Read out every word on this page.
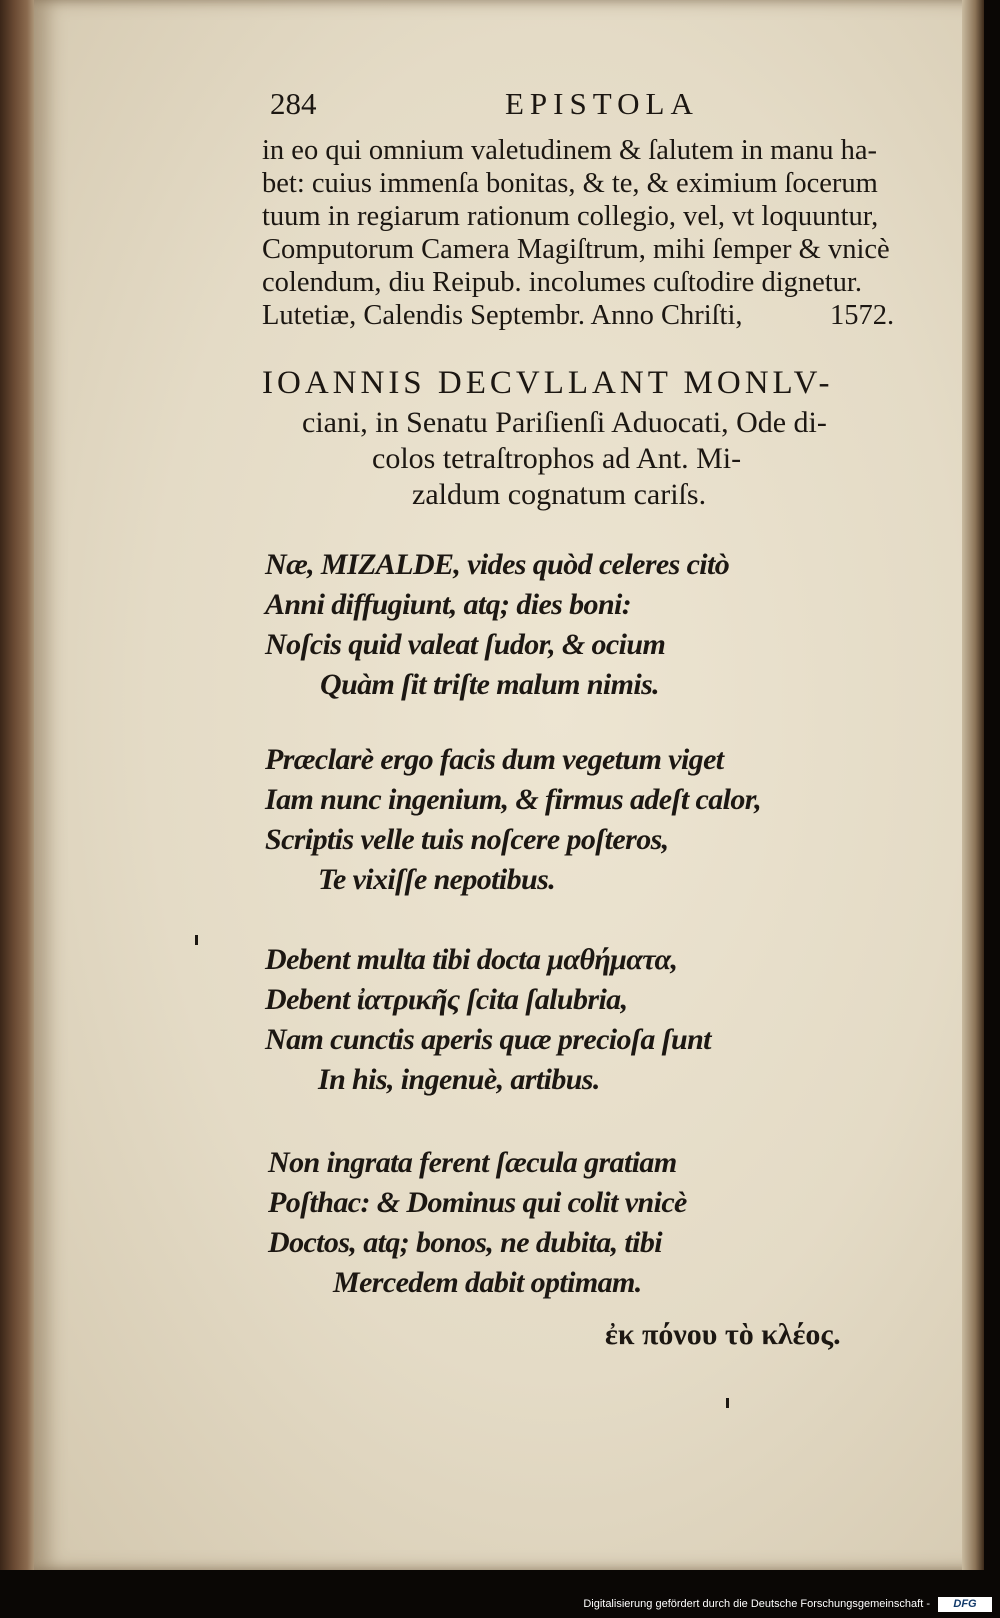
284	EPISTOLA
in eo qui omnium valetudinem & ſalutem in manu ha-
bet: cuius immenſa bonitas, & te, & eximium ſocerum
tuum in regiarum rationum collegio, vel, vt loquuntur,
Computorum Camera Magiſtrum, mihi ſemper & vnicè
colendum, diu Reipub. incolumes cuſtodire dignetur.
Lutetiæ, Calendis Septembr. Anno Chriſti,	1572.
IOANNIS DECVLLANT MONLV-
ciani, in Senatu Pariſienſi Aduocati, Ode di-
colos tetraſtrophos ad Ant. Mi-
zaldum cognatum cariſs.
Næ, MIZALDE, vides quòd celeres citò
Anni diffugiunt, atq; dies boni:
Noſcis quid valeat ſudor, & ocium
Quàm ſit triſte malum nimis.
Præclarè ergo facis dum vegetum viget
Iam nunc ingenium, & firmus adeſt calor,
Scriptis velle tuis noſcere poſteros,
Te vixiſſe nepotibus.
Debent multa tibi docta μαθήματα,
Debent ἰατρικῆς ſcita ſalubria,
Nam cunctis aperis quæ precioſa ſunt
In his, ingenuè, artibus.
Non ingrata ferent ſæcula gratiam
Poſthac: & Dominus qui colit vnicè
Doctos, atq; bonos, ne dubita, tibi
Mercedem dabit optimam.
ἐκ πόνου τὸ κλέος.
Digitalisierung gefördert durch die Deutsche Forschungsgemeinschaft -	DFG
